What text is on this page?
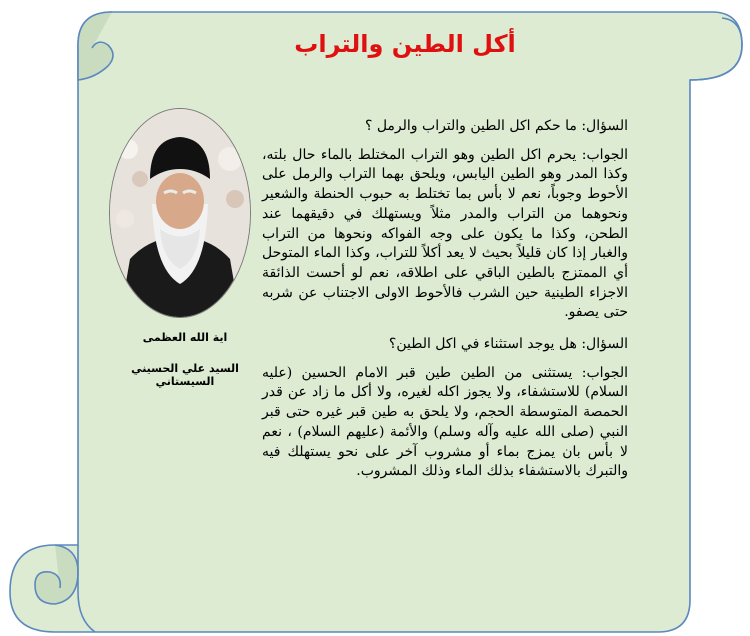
أكل الطين والتراب
اية الله العظمى
السيد علي الحسيني السيستاني

السؤال: ما حكم اكل الطين والتراب والرمل ؟

الجواب: يحرم اكل الطين وهو التراب المختلط بالماء حال بلته، وكذا المدر وهو الطين اليابس، ويلحق بهما التراب والرمل على الأحوط وجوباً، نعم لا بأس بما تختلط به حبوب الحنطة والشعير ونحوهما من التراب والمدر مثلاً ويستهلك في دقيقهما عند الطحن، وكذا ما يكون على وجه الفواكه ونحوها من التراب والغبار إذا كان قليلاً بحيث لا يعد أكلاً للتراب، وكذا الماء المتوحل أي الممتزج بالطين الباقي على اطلاقه، نعم لو أحست الذائقة الاجزاء الطينية حين الشرب فالأحوط الاولى الاجتناب عن شربه حتى يصفو.

السؤال: هل يوجد استثناء في اكل الطين؟

الجواب: يستثنى من الطين طين قبر الامام الحسين (عليه السلام) للاستشفاء، ولا يجوز اكله لغيره، ولا أكل ما زاد عن قدر الحمصة المتوسطة الحجم، ولا يلحق به طين قبر غيره حتى قبر النبي (صلى الله عليه وآله وسلم) والأئمة (عليهم السلام) ، نعم لا بأس بان يمزج بماء أو مشروب آخر على نحو يستهلك فيه والتبرك بالاستشفاء بذلك الماء وذلك المشروب.
